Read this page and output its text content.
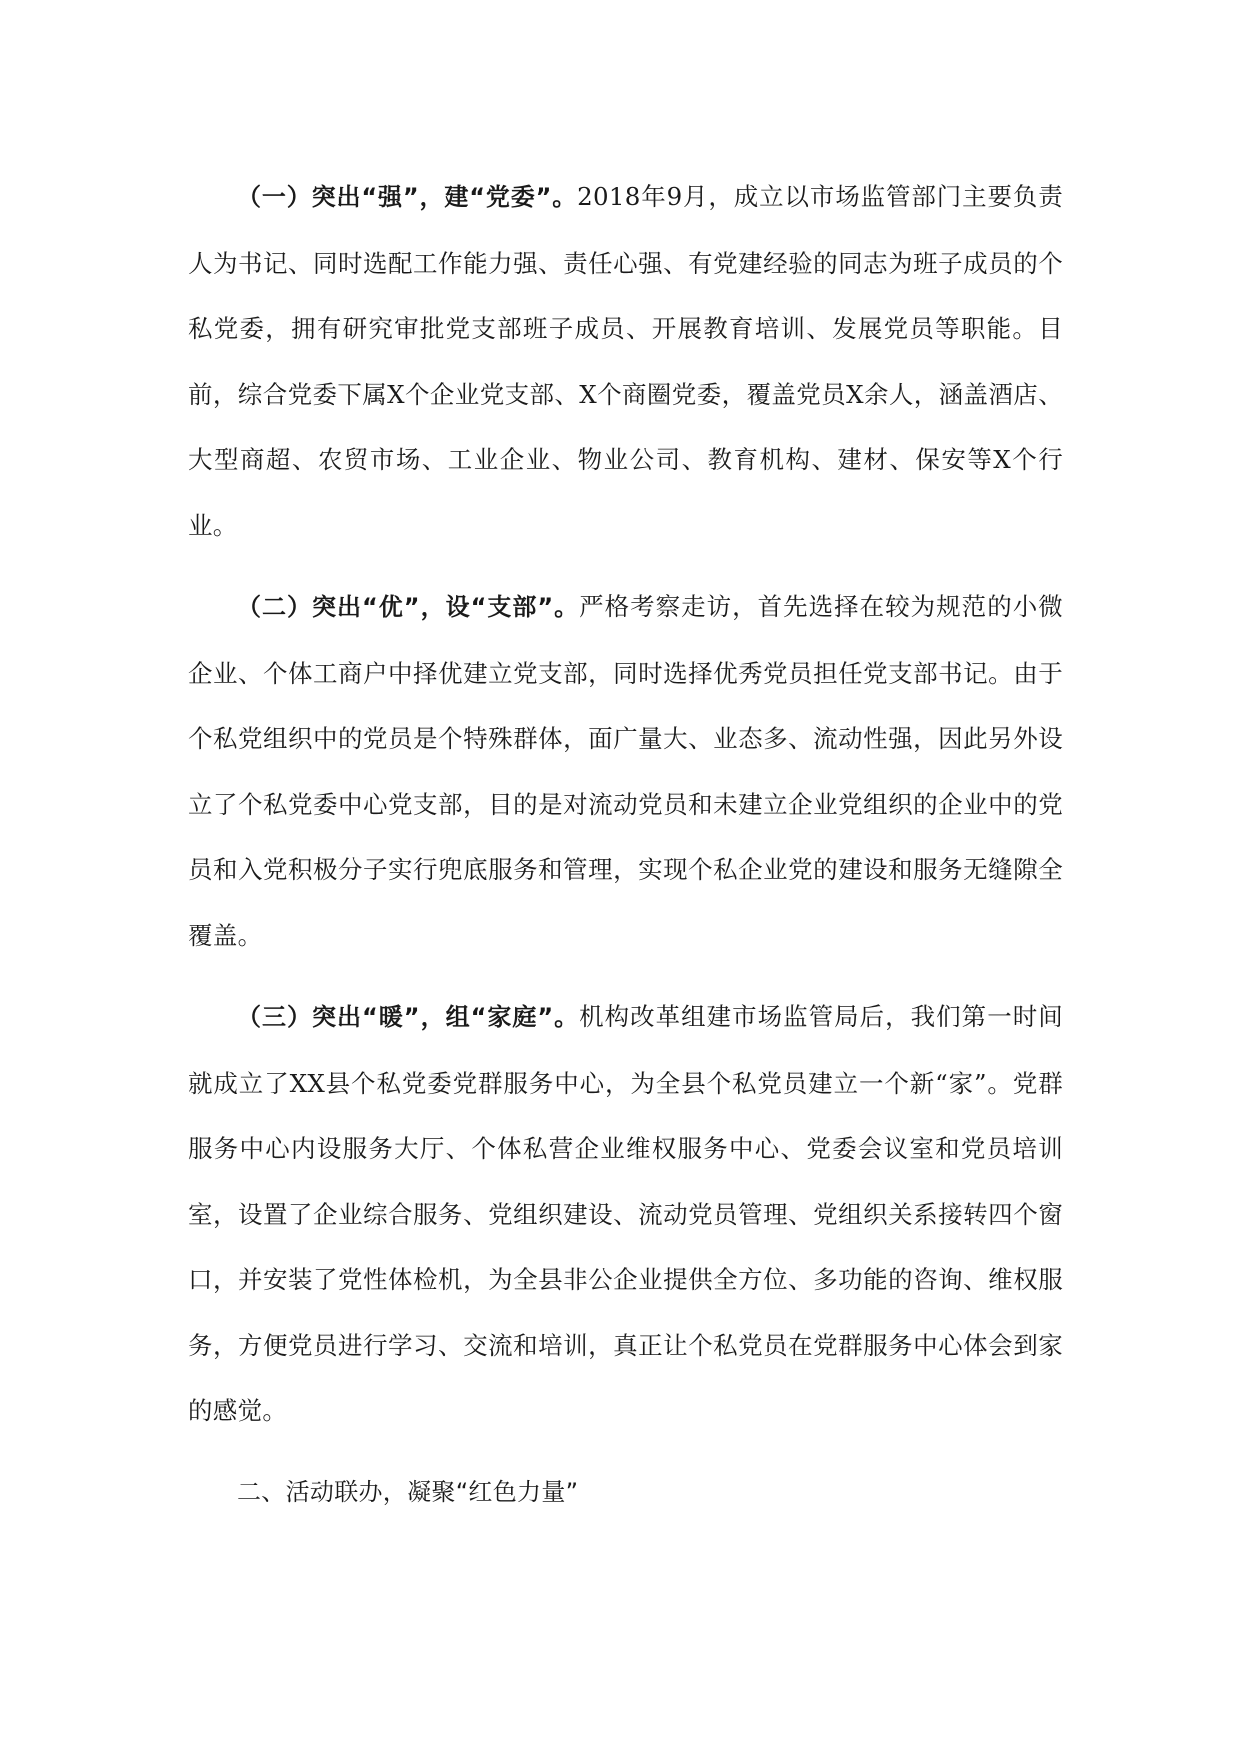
（一）突出“强”，建“党委”。2018年9月，成立以市场监管部门主要负责人为书记、同时选配工作能力强、责任心强、有党建经验的同志为班子成员的个私党委，拥有研究审批党支部班子成员、开展教育培训、发展党员等职能。目前，综合党委下属X个企业党支部、X个商圈党委，覆盖党员X余人，涵盖酒店、大型商超、农贸市场、工业企业、物业公司、教育机构、建材、保安等X个行业。

（二）突出“优”，设“支部”。严格考察走访，首先选择在较为规范的小微企业、个体工商户中择优建立党支部，同时选择优秀党员担任党支部书记。由于个私党组织中的党员是个特殊群体，面广量大、业态多、流动性强，因此另外设立了个私党委中心党支部，目的是对流动党员和未建立企业党组织的企业中的党员和入党积极分子实行兜底服务和管理，实现个私企业党的建设和服务无缝隙全覆盖。

（三）突出“暖”，组“家庭”。机构改革组建市场监管局后，我们第一时间就成立了XX县个私党委党群服务中心，为全县个私党员建立一个新“家”。党群服务中心内设服务大厅、个体私营企业维权服务中心、党委会议室和党员培训室，设置了企业综合服务、党组织建设、流动党员管理、党组织关系接转四个窗口，并安装了党性体检机，为全县非公企业提供全方位、多功能的咨询、维权服务，方便党员进行学习、交流和培训，真正让个私党员在党群服务中心体会到家的感觉。

二、活动联办，凝聚“红色力量”
